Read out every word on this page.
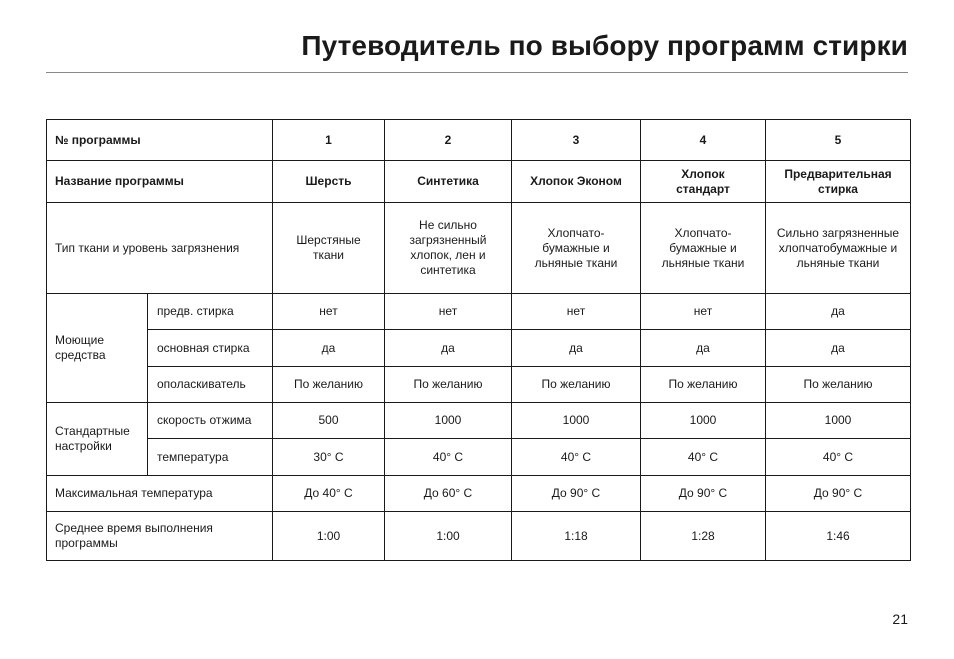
Путеводитель по выбору программ стирки
№ программы		1	2	3	4	5
Название программы		Шерсть	Синтетика	Хлопок Эконом	Хлопок стандарт	Предварительная стирка
Тип ткани и уровень загрязнения		Шерстяные ткани	Не сильно загрязненный хлопок, лен и синтетика	Хлопчато-бумажные и льняные ткани	Хлопчато-бумажные и льняные ткани	Сильно загрязненные хлопчатобумажные и льняные ткани
Моющие средства	предв. стирка	нет	нет	нет	нет	да
	основная стирка	да	да	да	да	да
	ополаскиватель	По желанию	По желанию	По желанию	По желанию	По желанию
Стандартные настройки	скорость отжима	500	1000	1000	1000	1000
	температура	30° C	40° C	40° C	40° C	40° C
Максимальная температура		До 40° C	До 60° C	До 90° C	До 90° C	До 90° C
Среднее время выполнения программы		1:00	1:00	1:18	1:28	1:46
21
